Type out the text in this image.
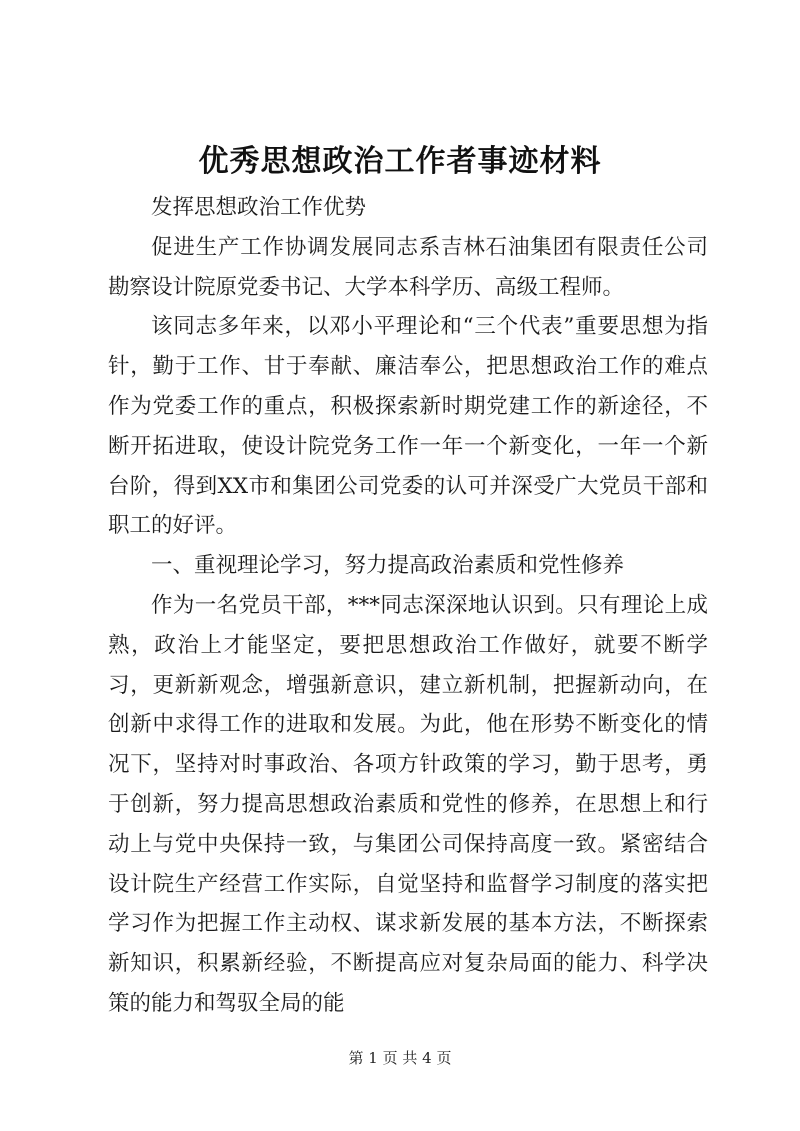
优秀思想政治工作者事迹材料

发挥思想政治工作优势

促进生产工作协调发展同志系吉林石油集团有限责任公司勘察设计院原党委书记、大学本科学历、高级工程师。

该同志多年来，以邓小平理论和“三个代表”重要思想为指针，勤于工作、甘于奉献、廉洁奉公，把思想政治工作的难点作为党委工作的重点，积极探索新时期党建工作的新途径，不断开拓进取，使设计院党务工作一年一个新变化，一年一个新台阶，得到XX市和集团公司党委的认可并深受广大党员干部和职工的好评。

一、重视理论学习，努力提高政治素质和党性修养

作为一名党员干部，***同志深深地认识到。只有理论上成熟，政治上才能坚定，要把思想政治工作做好，就要不断学习，更新新观念，增强新意识，建立新机制，把握新动向，在创新中求得工作的进取和发展。为此，他在形势不断变化的情况下，坚持对时事政治、各项方针政策的学习，勤于思考，勇于创新，努力提高思想政治素质和党性的修养，在思想上和行动上与党中央保持一致，与集团公司保持高度一致。紧密结合设计院生产经营工作实际，自觉坚持和监督学习制度的落实把学习作为把握工作主动权、谋求新发展的基本方法，不断探索新知识，积累新经验，不断提高应对复杂局面的能力、科学决策的能力和驾驭全局的能

第 1 页 共 4 页
